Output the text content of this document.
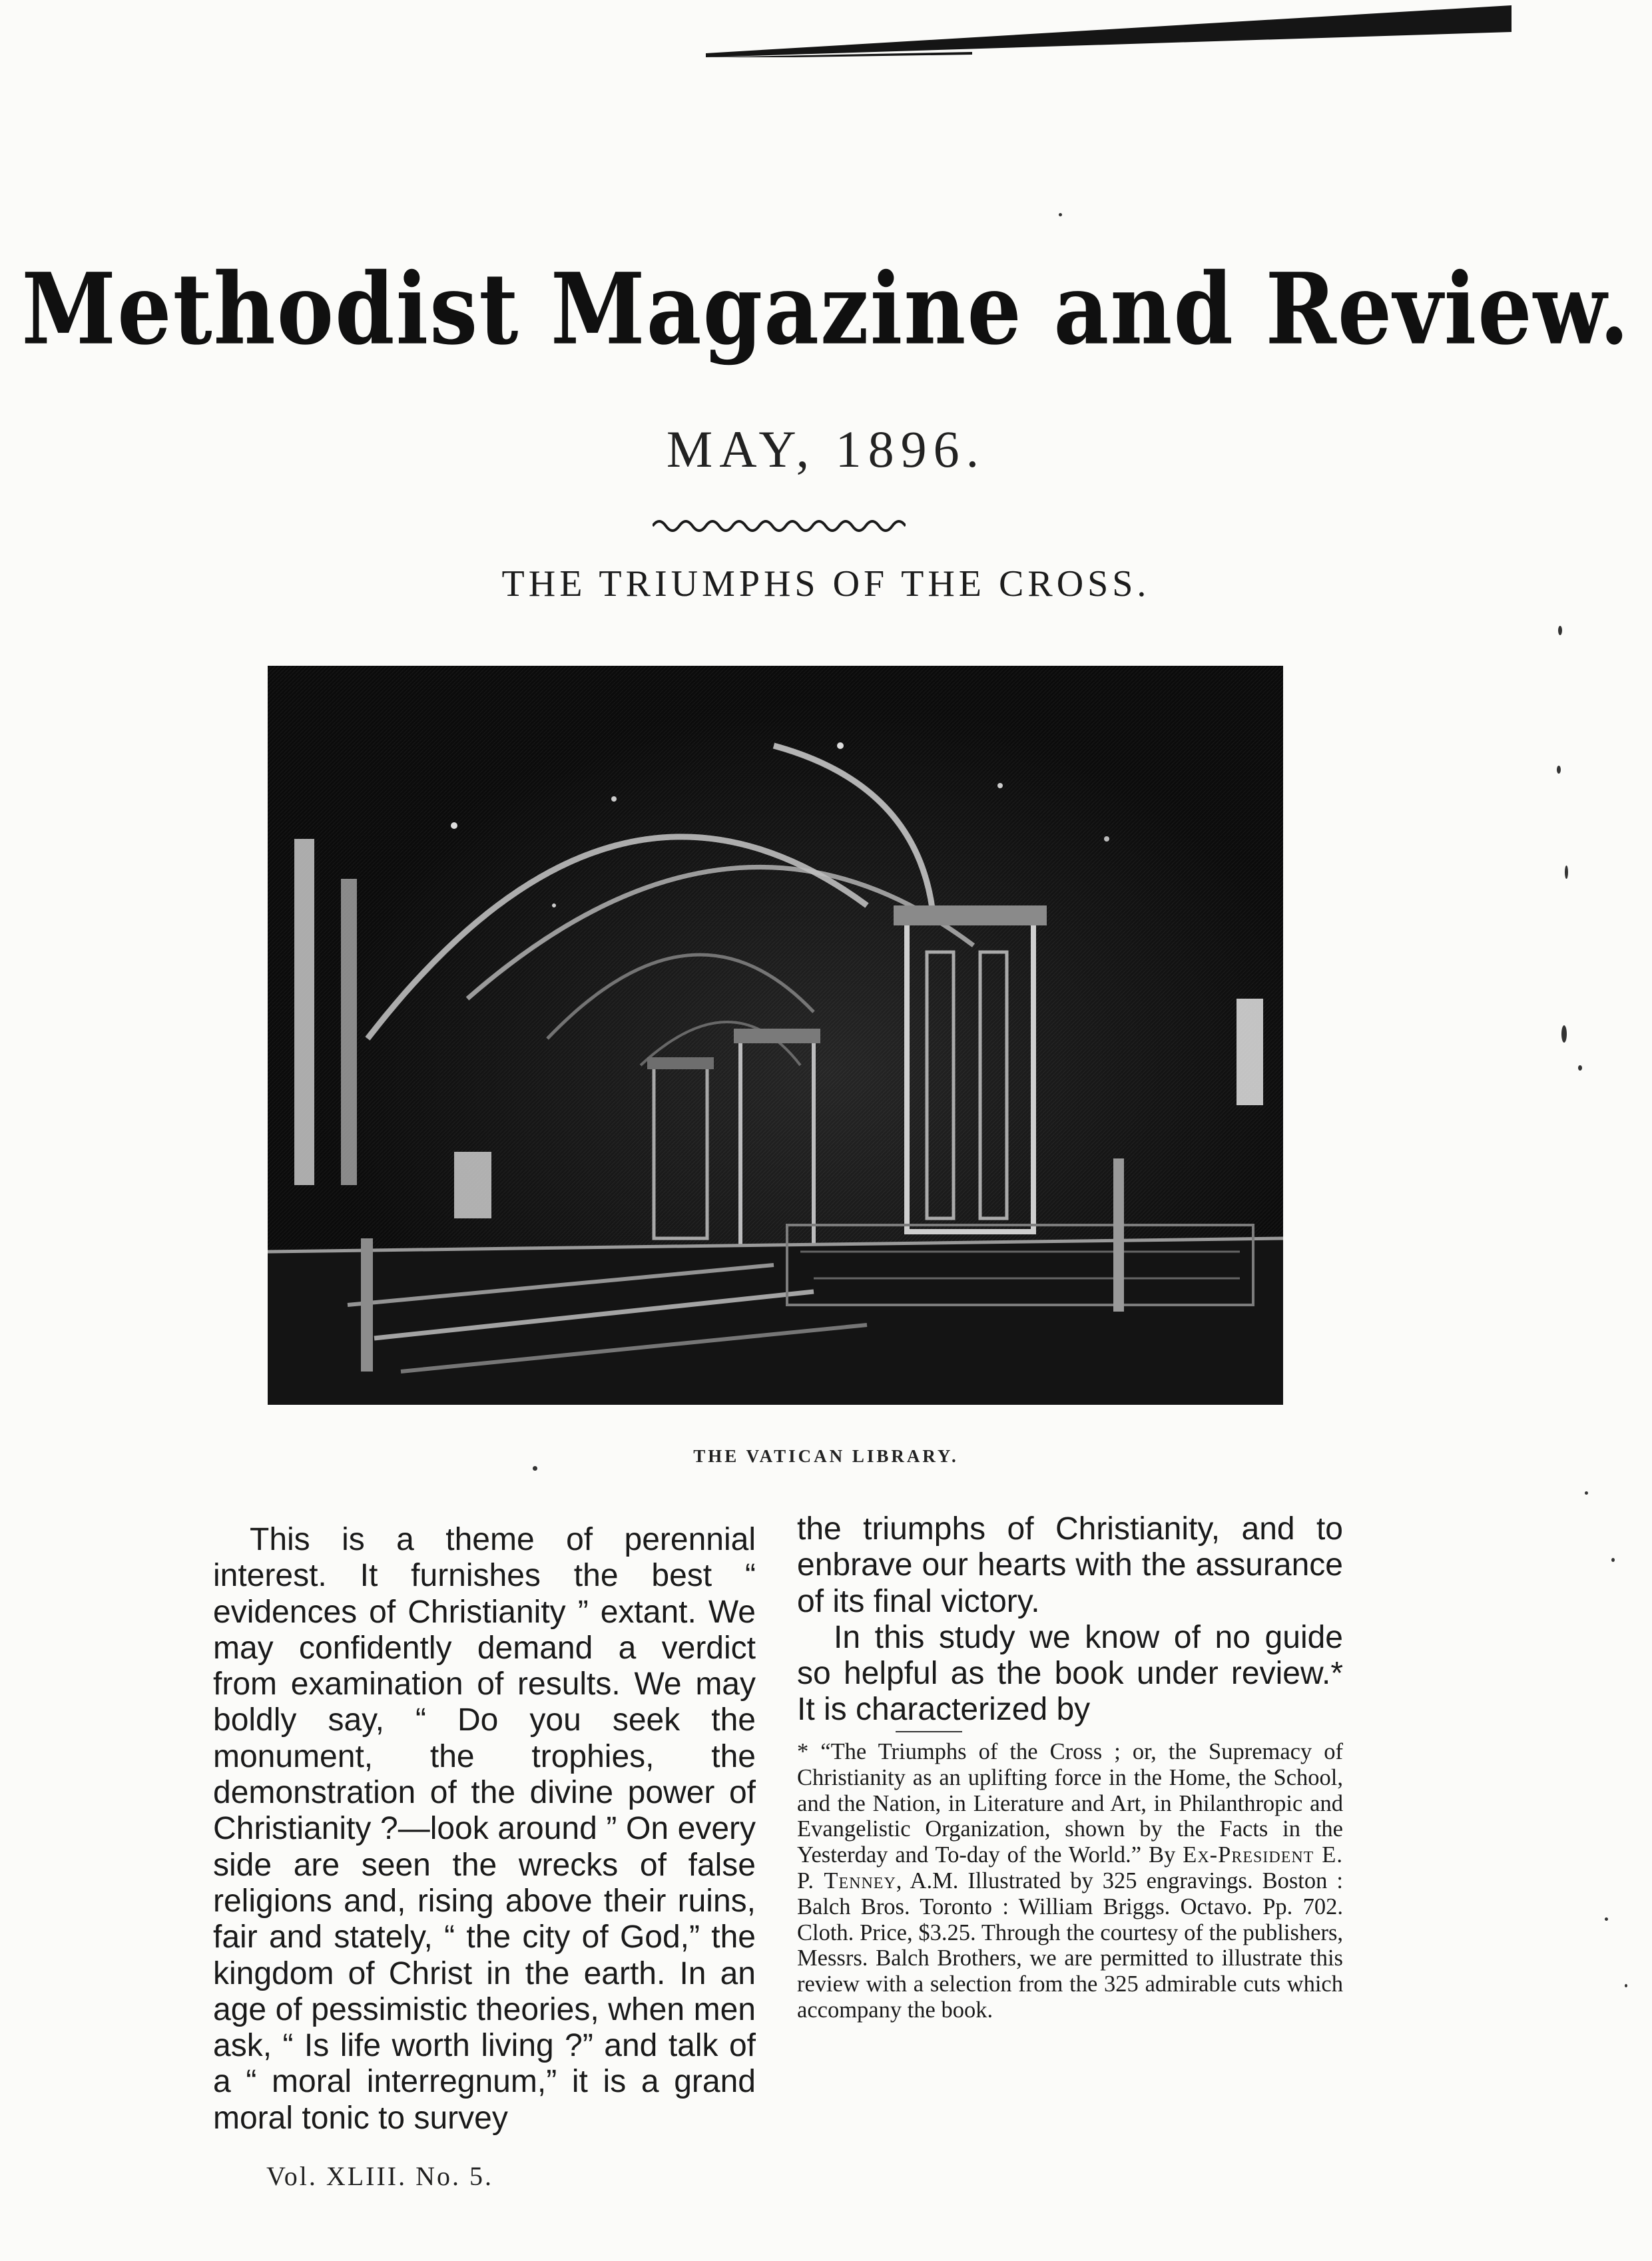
Methodist Magazine and Review.
MAY, 1896.
THE TRIUMPHS OF THE CROSS.
THE VATICAN LIBRARY.

This is a theme of perennial interest. It furnishes the best “ evidences of Christianity ” extant. We may confidently demand a verdict from examination of results. We may boldly say, “ Do you seek the monument, the trophies, the demonstration of the divine power of Christianity ?—look around ” On every side are seen the wrecks of false religions and, rising above their ruins, fair and stately, “ the city of God,” the kingdom of Christ in the earth. In an age of pessimistic theories, when men ask, “ Is life worth living ?” and talk of a “ moral interregnum,” it is a grand moral tonic to survey

the triumphs of Christianity, and to enbrave our hearts with the assurance of its final victory.

In this study we know of no guide so helpful as the book under review.* It is characterized by

* “The Triumphs of the Cross ; or, the Supremacy of Christianity as an uplifting force in the Home, the School, and the Nation, in Literature and Art, in Philanthropic and Evangelistic Organization, shown by the Facts in the Yesterday and To-day of the World.” By Ex-President E. P. Tenney, A.M. Illustrated by 325 engravings. Boston : Balch Bros. Toronto : William Briggs. Octavo. Pp. 702. Cloth. Price, $3.25. Through the courtesy of the publishers, Messrs. Balch Brothers, we are permitted to illustrate this review with a selection from the 325 admirable cuts which accompany the book.

Vol. XLIII. No. 5.
